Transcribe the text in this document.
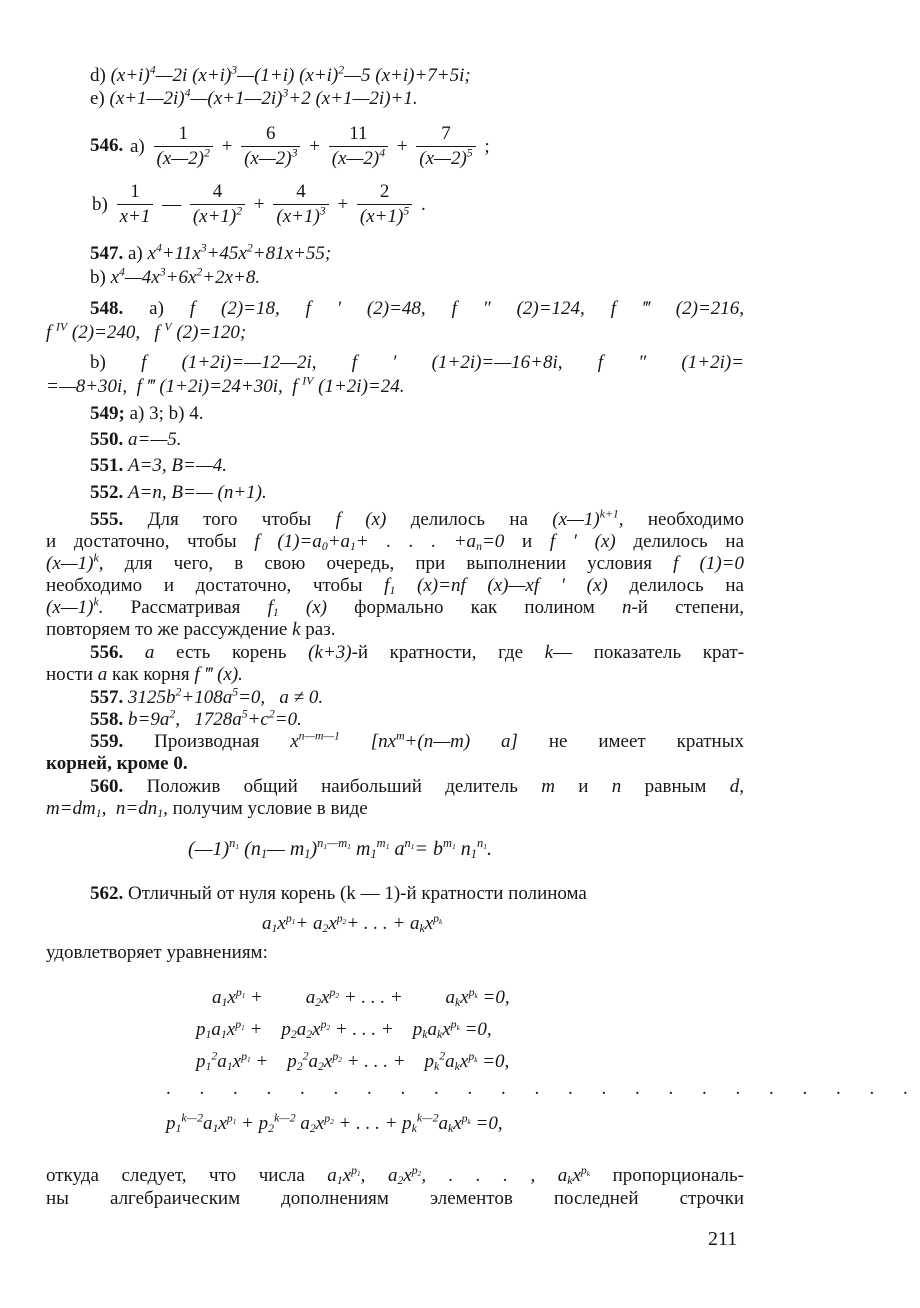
d) $(x+i)^4—2i$ $(x+i)^3—(1+i)$ $(x+i)^2—5$ (x+i)+7+5i;
e) (x+1—2i)$^4$—(x+1—2i)$^3$+2 (x+1—2i)+1.
546. $a) \frac{1}{(x—2)^2} + \frac{6}{(x—2)^3} + \frac{11}{(x—2)^4} + \frac{7}{(x—2)^5}$ ;
$b) \frac{1}{x+1}$ — $\frac{4}{(x+1)^2} + \frac{4}{(x+1)^3} + \frac{2}{(x+1)^5}$ .
547. a) $x^4+11x^3+45x^2+81x+55$;
b) $x^4—4x^3+6x^2+2x+8$.
548. a) f (2)=18, f ′ (2)=48, f ″ (2)=124, f ‴ (2)=216,
f $^{IV}$ (2)=240, f $^V$ (2)=120;
b) f (1+2i)=—12—2i, f ′ (1+2i)=—16+8i, f ″ (1+2i)=
=—8+30i,  f ‴ (1+2i)=24+30i,  f $^{IV}$ (1+2i)=24.
549; a) 3; b) 4.
550. a=—5.
551. A=3, B=—4.
552. A=n, B=— (n+1).
555. Для того чтобы f (x) делилось на (x—1)$^{k+1}$, необходимо
и достаточно, чтобы f $(1)=a_0+a_1+$ . . . $+a_n=0$ и f ′ (x) делилось на
(x—1)$^k$, для чего, в свою очередь, при выполнении условия f (1)=0
необходимо и достаточно, чтобы $f_1$ (x)=nf (x)—xf ′ (x) делилось на
(x—1)$^k$. Рассматривая $f_1$ (x) формально как полином n-й степени,
повторяем то же рассуждение k раз.
556. a есть корень (k+3)-й кратности, где k— показатель крат-
ности a как корня f ‴ (x).
557. $3125b^2+108a^5=0$,   a ≠ 0.
558. $b=9a^2$,   $1728a^5+c^2=0$.
559. Производная $x^{n—m—1}$ [$nx^m+(n—m)$ a] не имеет кратных
корней, кроме 0.
560. Положив общий наибольший делитель m и n равным d,
$m=dm_1$,  $n=dn_1$, получим условие в виде
(—1)$^{n_1}$ ($n_1—$ $m_1)^{n_1—m_1}$ $m_1^{m_1}$ $a^{n_1}= b^{m_1}$ $n_1^{n_1}$.
562. Отличный от нуля корень (k — 1)-й кратности полинома
$a_1x^{p_1}+ a_2x^{p_2}+$ . . . + $a_kx^{p_k}$
удовлетворяет уравнениям:
$a_1x^{p_1}$ +         $a_2x^{p_2}$ + . . . +         $a_kx^{p_k} =0$,
$p_1a_1x^{p_1}$ +    $p_2a_2x^{p_2}$ + . . . +    $p_ka_kx^{p_k} =0$,
$p_1^2a_1x^{p_1}$ +    $p_2^2a_2x^{p_2}$ + . . . +    $p_k^2a_kx^{p_k} =0$,
. . . . . . . . . . . . . . . . . . . . . . .
$p_1^{k—2}a_1x^{p_1} + p_2^{k—2}$ $a_2x^{p_2}$ + . . . + $p_k^{k—2}a_kx^{p_k} =0$,
откуда следует, что числа $a_1x^{p_1}$, $a_2x^{p_2}$, . . . , $a_kx^{p_k}$ пропорциональ-
ны алгебраическим дополнениям элементов последней строчки
211
